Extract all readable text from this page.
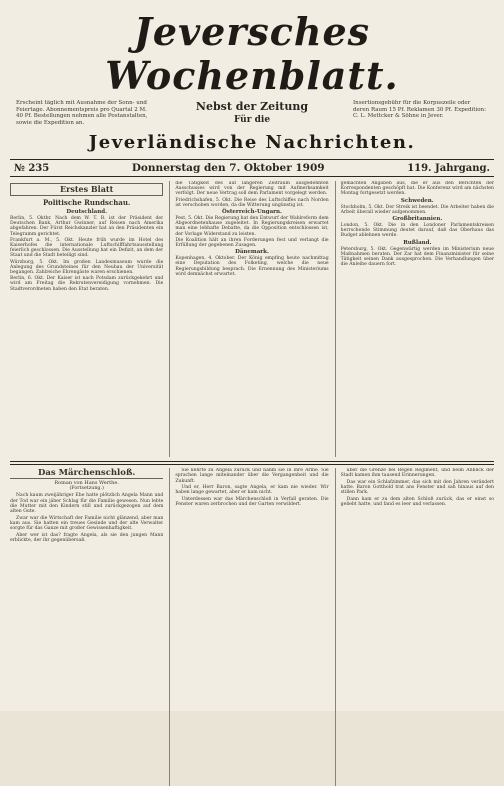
Jeversches Wochenblatt.
Erscheint täglich mit Ausnahme der Sonn- und Feiertage. Abonnementspreis pro Quartal 2 M. 40 Pf. Bestellungen nehmen alle Postanstalten, sowie die Expedition an.
Nebst der Zeitung
Für die
Insertionsgebühr für die Korpuszeile oder deren Raum 15 Pf. Reklamen 30 Pf. Expedition: C. L. Mettcker & Söhne in Jever.
Jeverländische Nachrichten.
№ 235	Donnerstag den 7. Oktober 1909	119. Jahrgang.
Erstes Blatt
Politische Rundschau.
Deutschland.

Berlin, 5. Oktbr. Nach dem W. T. B. ist der Präsident der Deutschen Bank, Arthur Gwinner, auf Reisen nach Amerika abgefahren. Der Fürst Reichskanzler hat an den Präsidenten ein Telegramm gerichtet.

Frankfurt a. M., 5. Okt. Heute früh wurde im Hotel des Kaiserhofes die internationale Luftschifffahrtsausstellung feierlich geschlossen. Die Ausstellung hat ein Defizit, an dem der Staat und die Stadt beteiligt sind.

Würzburg, 5. Okt. Im großen Landesmuseum wurde die Anlegung des Grundsteines für den Neubau der Universität begangen. Zahlreiche Ehrengäste waren erschienen.

Berlin, 6. Okt. Der Kaiser ist nach Potsdam zurückgekehrt und wird am Freitag die Rekrutenvereidigung vornehmen. Die Stadtverordneten haben den Etat beraten.

die Tätigkeit des auf längeren Zeitraum ausgedehnten Ausschusses wird von der Regierung mit Aufmerksamkeit verfolgt. Der neue Vertrag soll dem Parlament vorgelegt werden.

Friedrichshafen, 5. Okt. Die Reise des Luftschiffes nach Norden ist verschoben worden, da die Witterung ungünstig ist.

Österreich-Ungarn.

Pest, 5. Okt. Die Regierung hat den Entwurf der Wahlreform dem Abgeordnetenhause zugeleitet. In Regierungskreisen erwartet man eine lebhafte Debatte, da die Opposition entschlossen ist, der Vorlage Widerstand zu leisten.

Die Koalition hält an ihren Forderungen fest und verlangt die Erfüllung der gegebenen Zusagen.

Dänemark.

Kopenhagen, 4. Oktober. Der König empfing heute nachmittag eine Deputation des Folketing, welche die neue Regierungsbildung besprach. Die Ernennung des Ministeriums wird demnächst erwartet.

gemachten Angaben aus, die er aus den Berichten der Korrespondenten geschöpft hat. Die Konferenz wird am nächsten Montag fortgesetzt werden.

Schweden.

Stockholm, 5. Okt. Der Streik ist beendet. Die Arbeiter haben die Arbeit überall wieder aufgenommen.

Großbritannien.

London, 5. Okt. Die in den Londoner Parlamentskreisen herrschende Stimmung deutet darauf, daß das Oberhaus das Budget ablehnen werde.

Rußland.

Petersburg, 5. Okt. Gegenwärtig werden im Ministerium neue Maßnahmen beraten. Der Zar hat dem Finanzminister für seine Tätigkeit seinen Dank ausgesprochen. Die Verhandlungen über die Anleihe dauern fort.

Das Märchenschloß.
Roman von Hans Werthe.
(Fortsetzung.)

Nach kaum zweijähriger Ehe hatte plötzlich Angela Mann und der Tod war ein jäher Schlag für die Familie gewesen. Nun lebte die Mutter mit den Kindern still und zurückgezogen auf dem alten Gute.

Zwar war die Wirtschaft der Familie nicht glänzend, aber man kam aus. Sie hatten ein treues Gesinde und der alte Verwalter sorgte für das Ganze mit großer Gewissenhaftigkeit.

Aber wer ist das? fragte Angela, als sie den jungen Mann erblickte, der ihr gegenübersaß.

Sie kehrte zu Angela zurück und nahm sie in ihre Arme. Sie sprachen lange miteinander über die Vergangenheit und die Zukunft.

Und er, Herr Baron, sagte Angela, er kam nie wieder. Wir haben lange gewartet, aber er kam nicht.

Unterdessen war das Märchenschloß in Verfall geraten. Die Fenster waren zerbrochen und der Garten verwildert.

über die Grenze bei Regen Regiment, und beim Anblick der Stadt kamen ihm tausend Erinnerungen.

Das war ein Schlafzimmer, das sich mit den Jahren verändert hatte. Baron Gotthold trat ans Fenster und sah hinaus auf den stillen Park.

Dann kam er zu dem alten Schloß zurück, das er einst so geliebt hatte, und fand es leer und verlassen.
